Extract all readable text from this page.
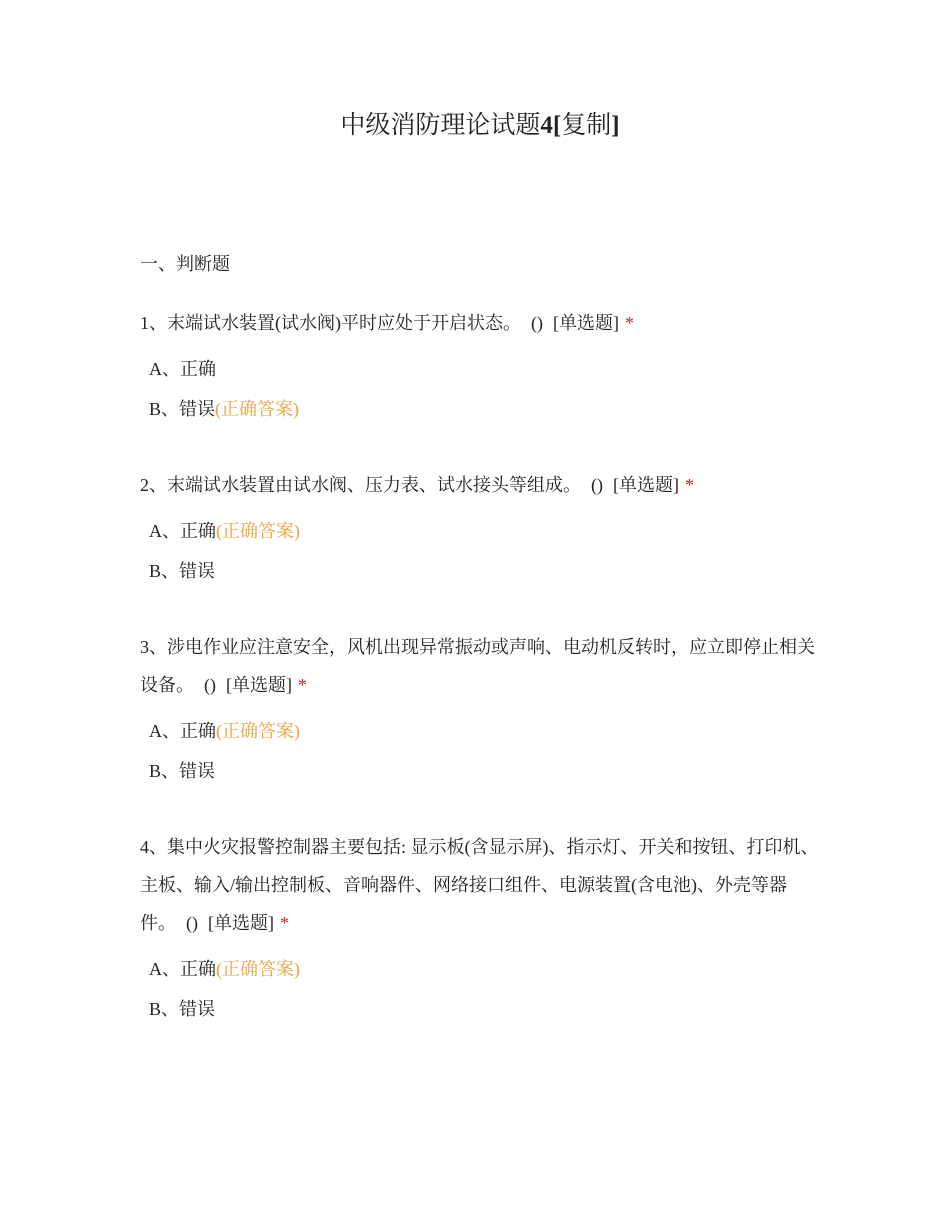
中级消防理论试题4[复制]
一、判断题
1、末端试水装置(试水阀)平时应处于开启状态。 () [单选题] *
A、正确
B、错误(正确答案)
2、末端试水装置由试水阀、压力表、试水接头等组成。 () [单选题] *
A、正确(正确答案)
B、错误
3、涉电作业应注意安全，风机出现异常振动或声响、电动机反转时，应立即停止相关设备。 () [单选题] *
A、正确(正确答案)
B、错误
4、集中火灾报警控制器主要包括: 显示板(含显示屏)、指示灯、开关和按钮、打印机、主板、输入/输出控制板、音响器件、网络接口组件、电源装置(含电池)、外壳等器件。 () [单选题] *
A、正确(正确答案)
B、错误
